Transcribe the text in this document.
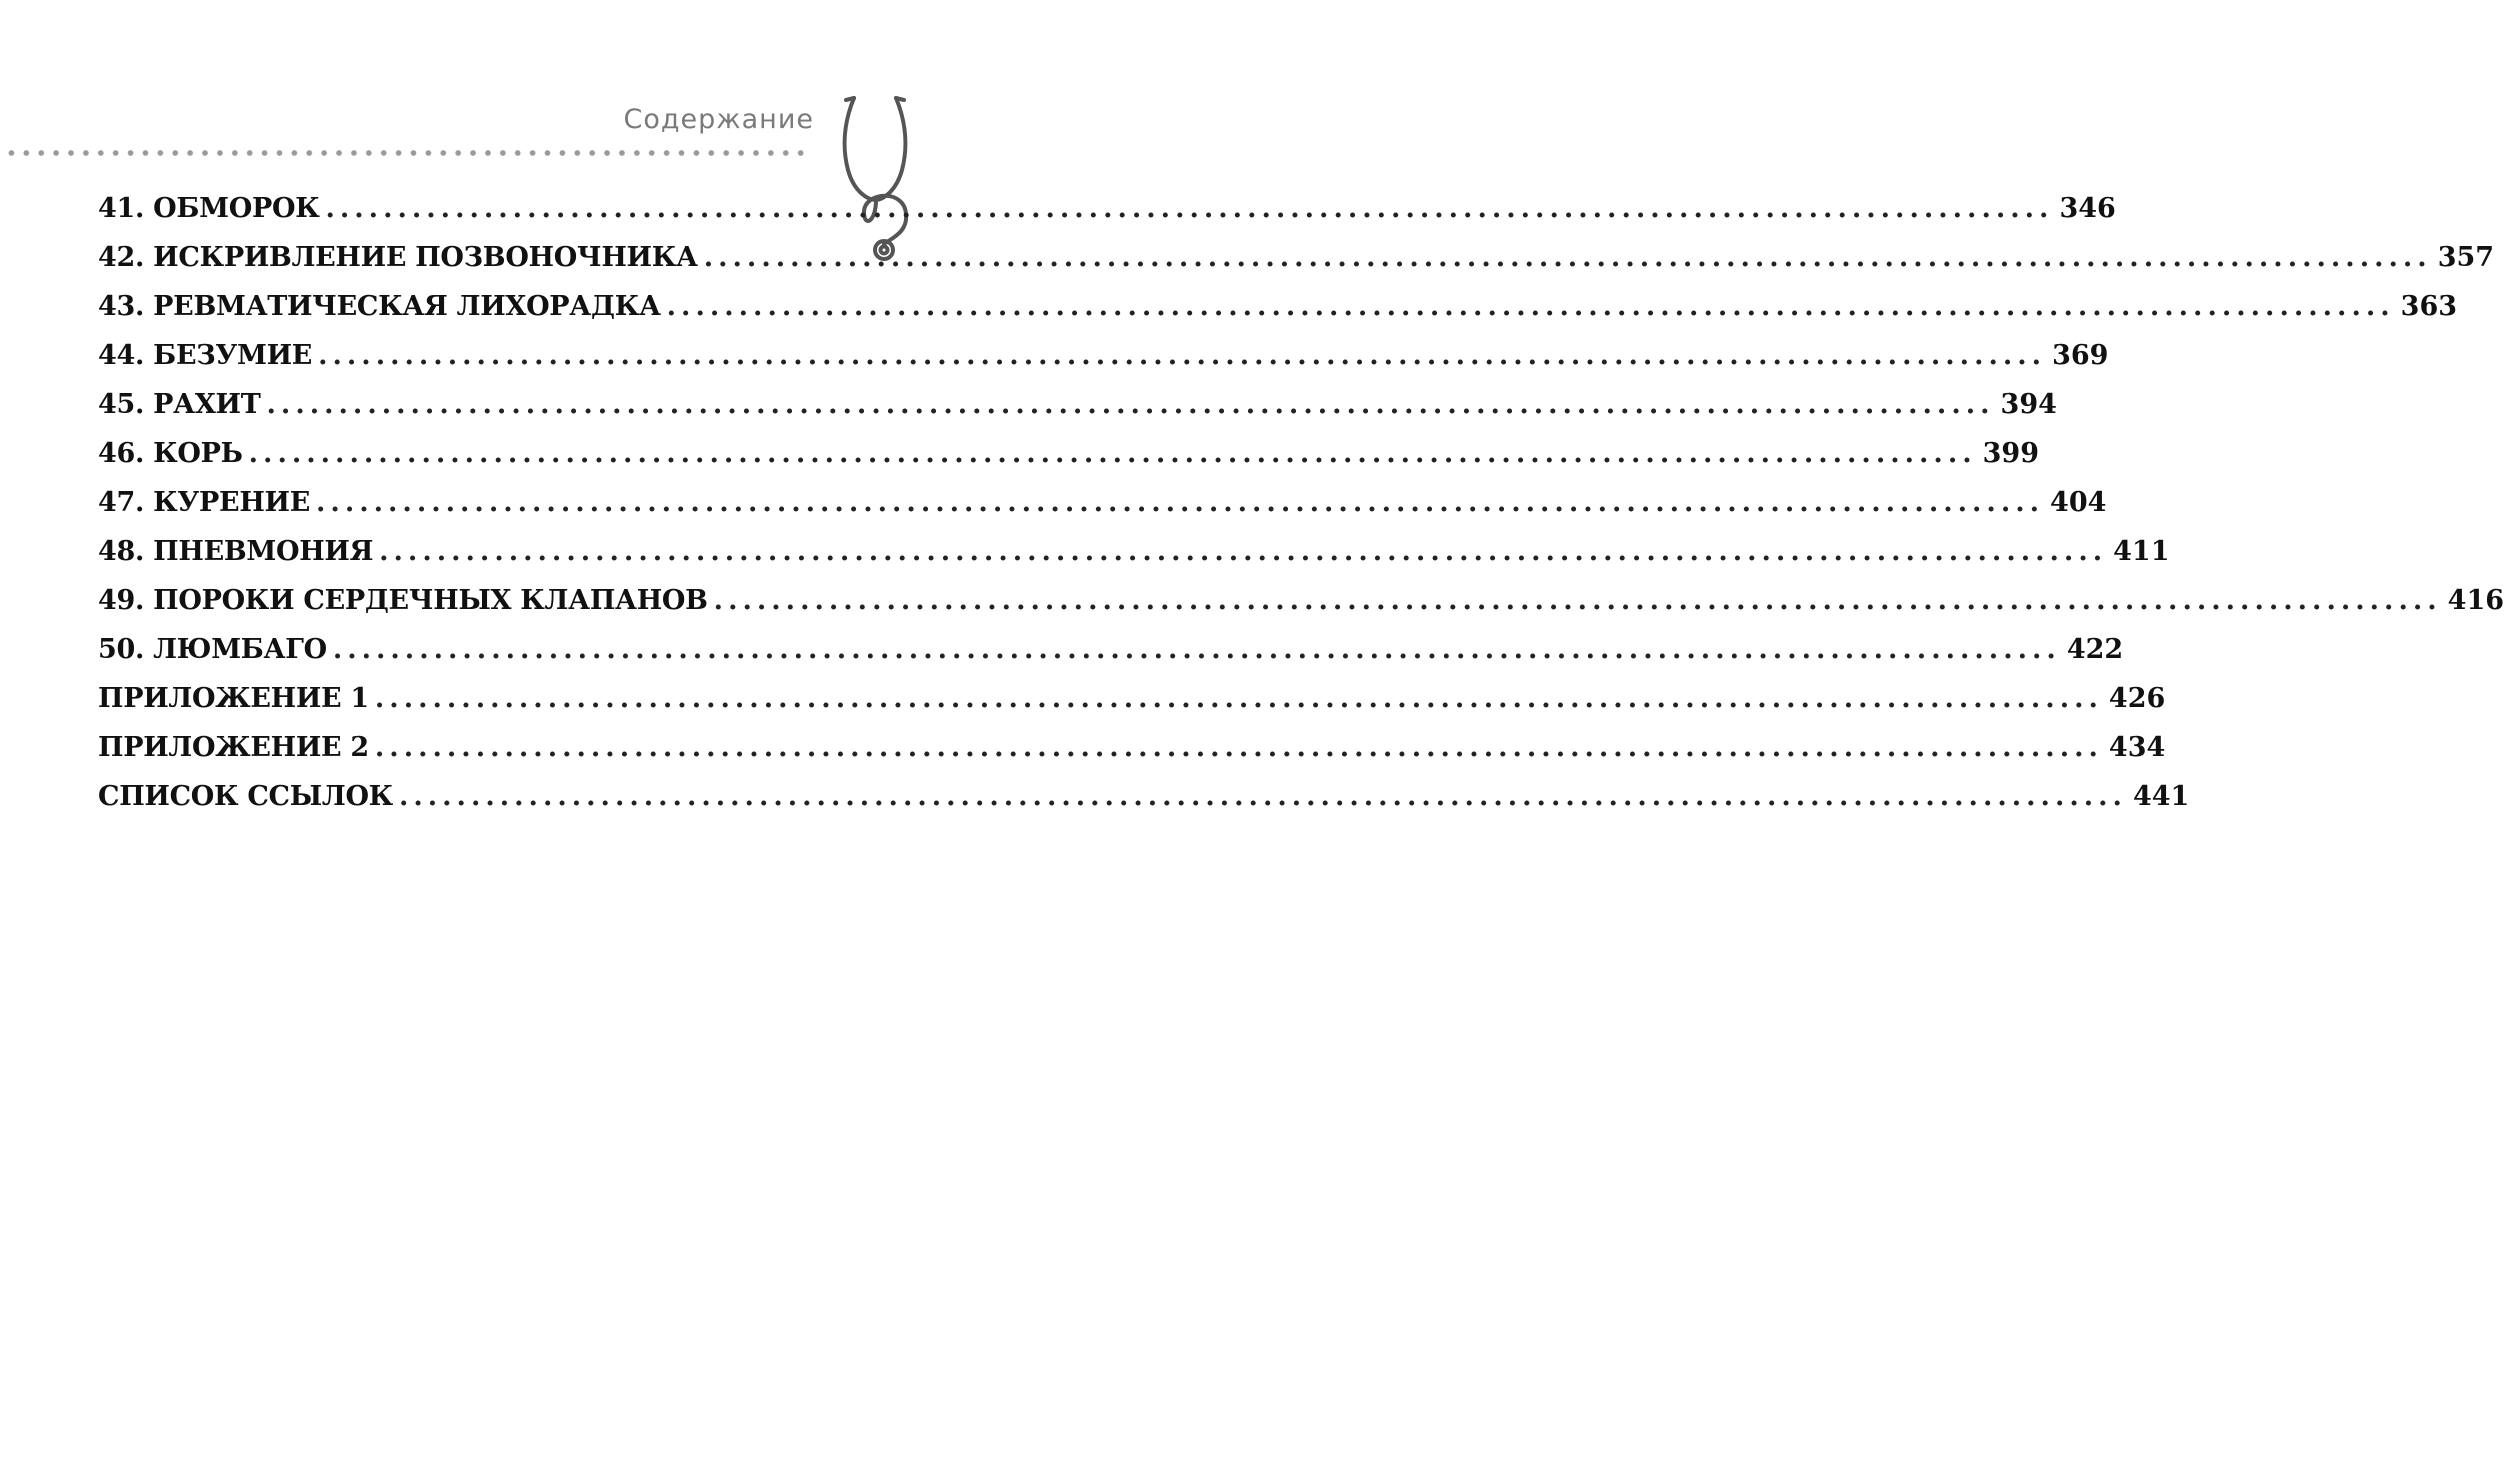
Содержание
41. ОБМОРОК ........................................................................................................................ 346
42. ИСКРИВЛЕНИЕ ПОЗВОНОЧНИКА ........................................................................................................................ 357
43. РЕВМАТИЧЕСКАЯ ЛИХОРАДКА ........................................................................................................................ 363
44. БЕЗУМИЕ ........................................................................................................................ 369
45. РАХИТ ........................................................................................................................ 394
46. КОРЬ ........................................................................................................................ 399
47. КУРЕНИЕ ........................................................................................................................ 404
48. ПНЕВМОНИЯ ........................................................................................................................ 411
49. ПОРОКИ СЕРДЕЧНЫХ КЛАПАНОВ ........................................................................................................................ 416
50. ЛЮМБАГО ........................................................................................................................ 422
ПРИЛОЖЕНИЕ 1 ........................................................................................................................ 426
ПРИЛОЖЕНИЕ 2 ........................................................................................................................ 434
СПИСОК ССЫЛОК ........................................................................................................................ 441
